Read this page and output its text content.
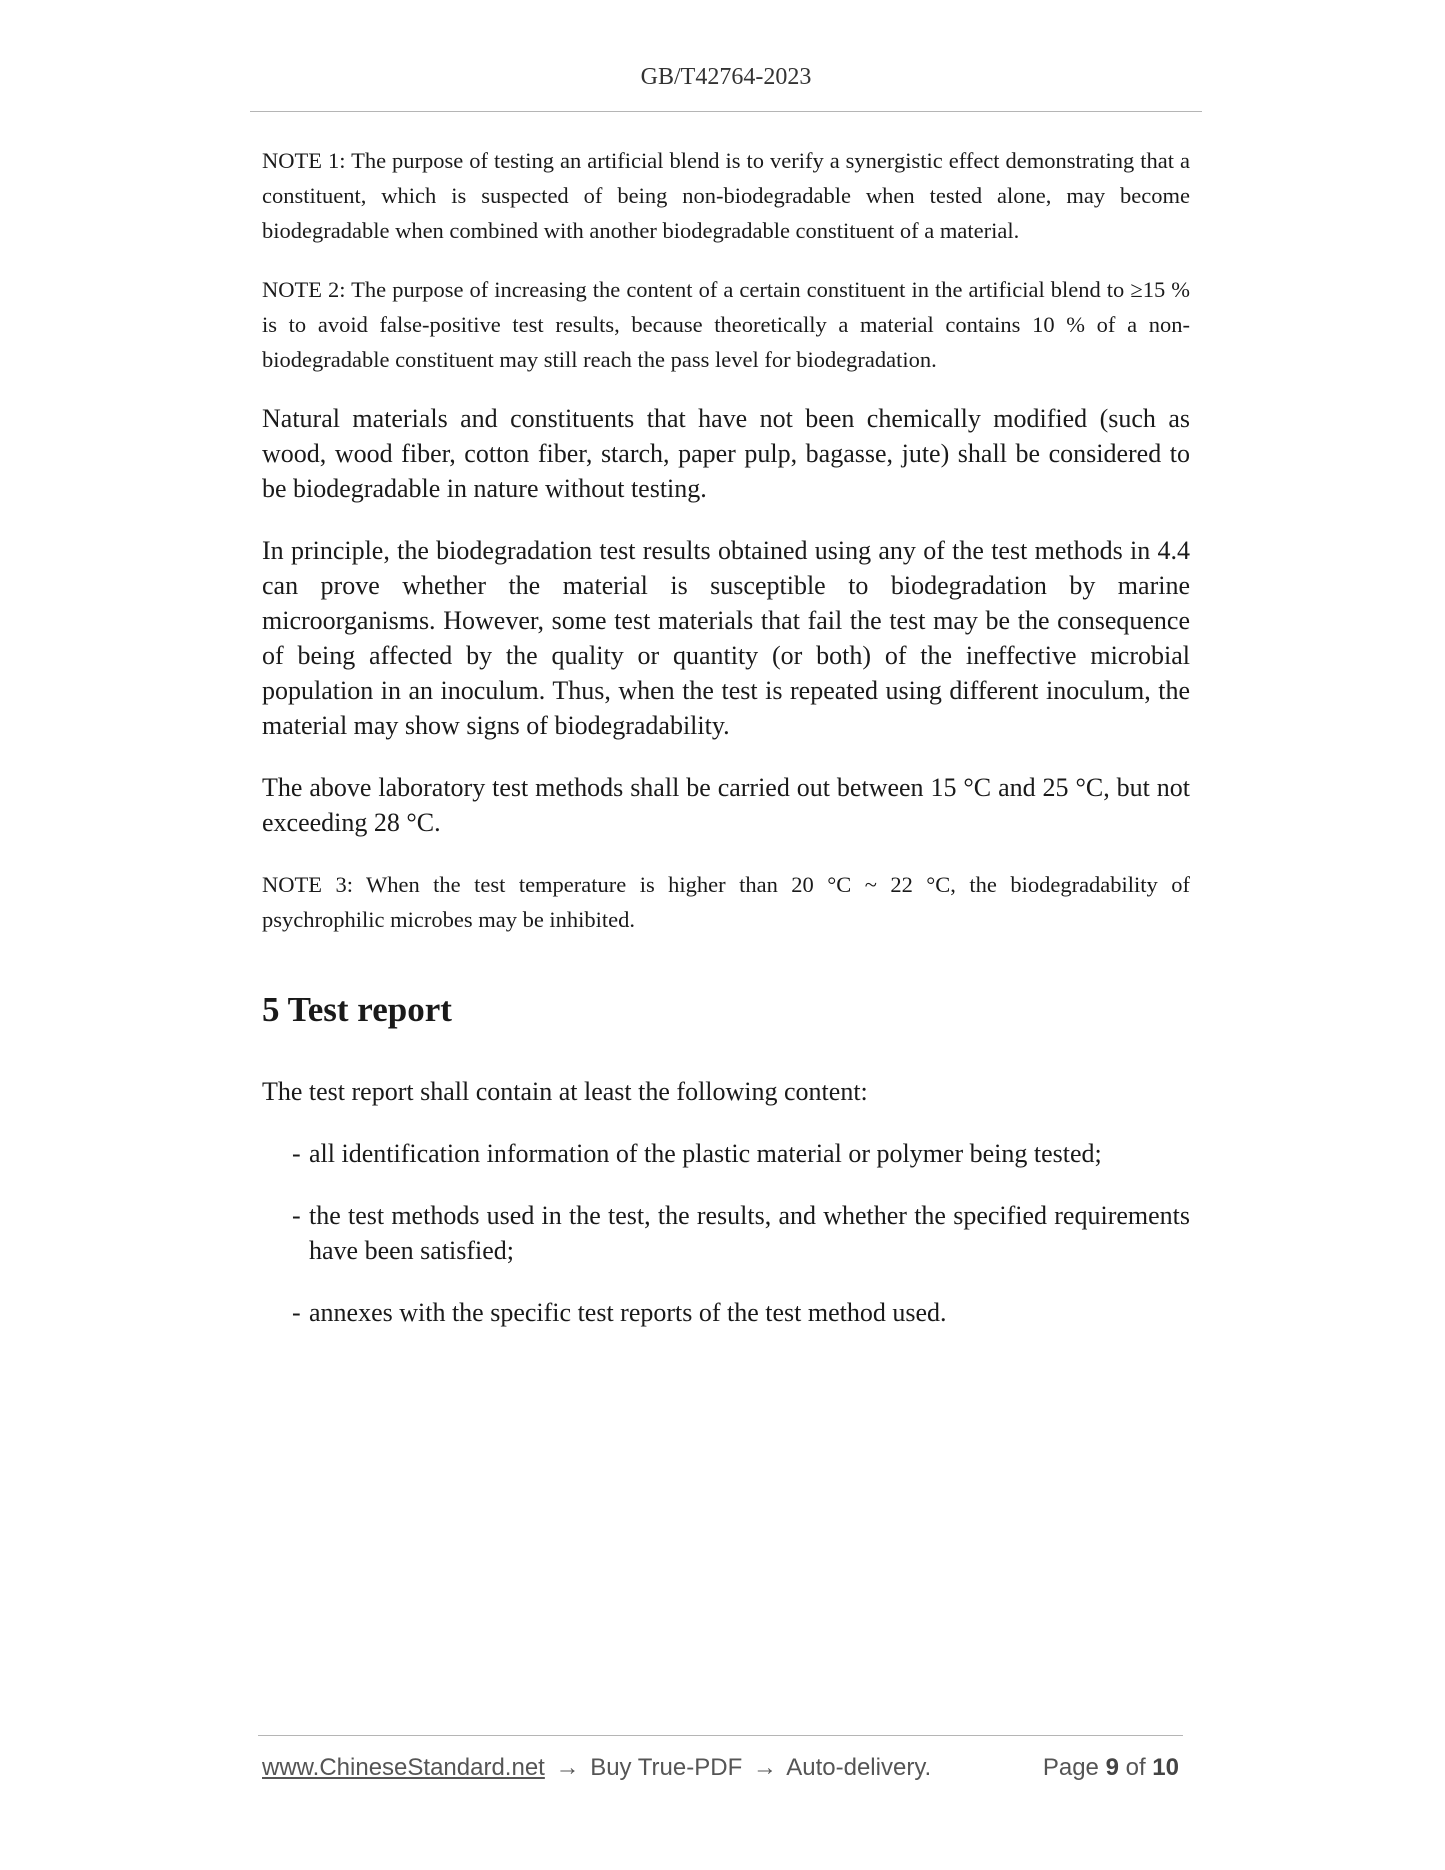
GB/T42764-2023

NOTE 1: The purpose of testing an artificial blend is to verify a synergistic effect demonstrating that a constituent, which is suspected of being non-biodegradable when tested alone, may become biodegradable when combined with another biodegradable constituent of a material.

NOTE 2: The purpose of increasing the content of a certain constituent in the artificial blend to ≥15 % is to avoid false-positive test results, because theoretically a material contains 10 % of a non-biodegradable constituent may still reach the pass level for biodegradation.

Natural materials and constituents that have not been chemically modified (such as wood, wood fiber, cotton fiber, starch, paper pulp, bagasse, jute) shall be considered to be biodegradable in nature without testing.

In principle, the biodegradation test results obtained using any of the test methods in 4.4 can prove whether the material is susceptible to biodegradation by marine microorganisms. However, some test materials that fail the test may be the consequence of being affected by the quality or quantity (or both) of the ineffective microbial population in an inoculum. Thus, when the test is repeated using different inoculum, the material may show signs of biodegradability.

The above laboratory test methods shall be carried out between 15 °C and 25 °C, but not exceeding 28 °C.

NOTE 3: When the test temperature is higher than 20 °C ~ 22 °C, the biodegradability of psychrophilic microbes may be inhibited.

5 Test report

The test report shall contain at least the following content:

- all identification information of the plastic material or polymer being tested;
- the test methods used in the test, the results, and whether the specified requirements have been satisfied;
- annexes with the specific test reports of the test method used.
www.ChineseStandard.net → Buy True-PDF → Auto-delivery.	Page 9 of 10
